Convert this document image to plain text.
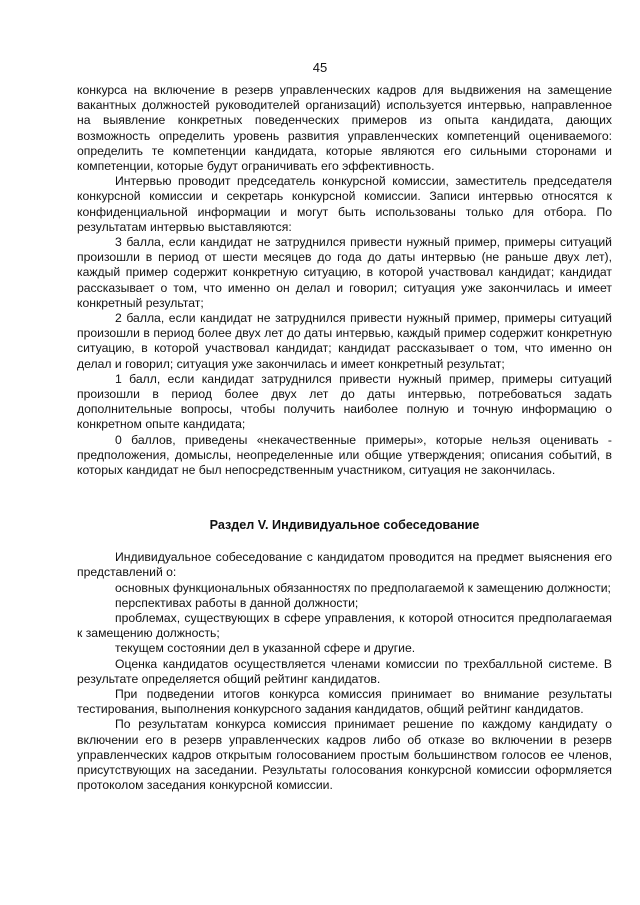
45

конкурса на включение в резерв управленческих кадров для выдвижения на замещение вакантных должностей руководителей организаций) используется интервью, направленное на выявление конкретных поведенческих примеров из опыта кандидата, дающих возможность определить уровень развития управленческих компетенций оцениваемого: определить те компетенции кандидата, которые являются его сильными сторонами и компетенции, которые будут ограничивать его эффективность.

Интервью проводит председатель конкурсной комиссии, заместитель председателя конкурсной комиссии и секретарь конкурсной комиссии. Записи интервью относятся к конфиденциальной информации и могут быть использованы только для отбора. По результатам интервью выставляются:

3 балла, если кандидат не затруднился привести нужный пример, примеры ситуаций произошли в период от шести месяцев до года до даты интервью (не раньше двух лет), каждый пример содержит конкретную ситуацию, в которой участвовал кандидат; кандидат рассказывает о том, что именно он делал и говорил; ситуация уже закончилась и имеет конкретный результат;

2 балла, если кандидат не затруднился привести нужный пример, примеры ситуаций произошли в период более двух лет до даты интервью, каждый пример содержит конкретную ситуацию, в которой участвовал кандидат; кандидат рассказывает о том, что именно он делал и говорил; ситуация уже закончилась и имеет конкретный результат;

1 балл, если кандидат затруднился привести нужный пример, примеры ситуаций произошли в период более двух лет до даты интервью, потребоваться задать дополнительные вопросы, чтобы получить наиболее полную и точную информацию о конкретном опыте кандидата;

0 баллов, приведены «некачественные примеры», которые нельзя оценивать - предположения, домыслы, неопределенные или общие утверждения; описания событий, в которых кандидат не был непосредственным участником, ситуация не закончилась.

Раздел V. Индивидуальное собеседование

Индивидуальное собеседование с кандидатом проводится на предмет выяснения его представлений о:

основных функциональных обязанностях по предполагаемой к замещению должности;

перспективах работы в данной должности;

проблемах, существующих в сфере управления, к которой относится предполагаемая к замещению должность;

текущем состоянии дел в указанной сфере и другие.

Оценка кандидатов осуществляется членами комиссии по трехбалльной системе. В результате определяется общий рейтинг кандидатов.

При подведении итогов конкурса комиссия принимает во внимание результаты тестирования, выполнения конкурсного задания кандидатов, общий рейтинг кандидатов.

По результатам конкурса комиссия принимает решение по каждому кандидату о включении его в резерв управленческих кадров либо об отказе во включении в резерв управленческих кадров открытым голосованием простым большинством голосов ее членов, присутствующих на заседании. Результаты голосования конкурсной комиссии оформляется протоколом заседания конкурсной комиссии.
